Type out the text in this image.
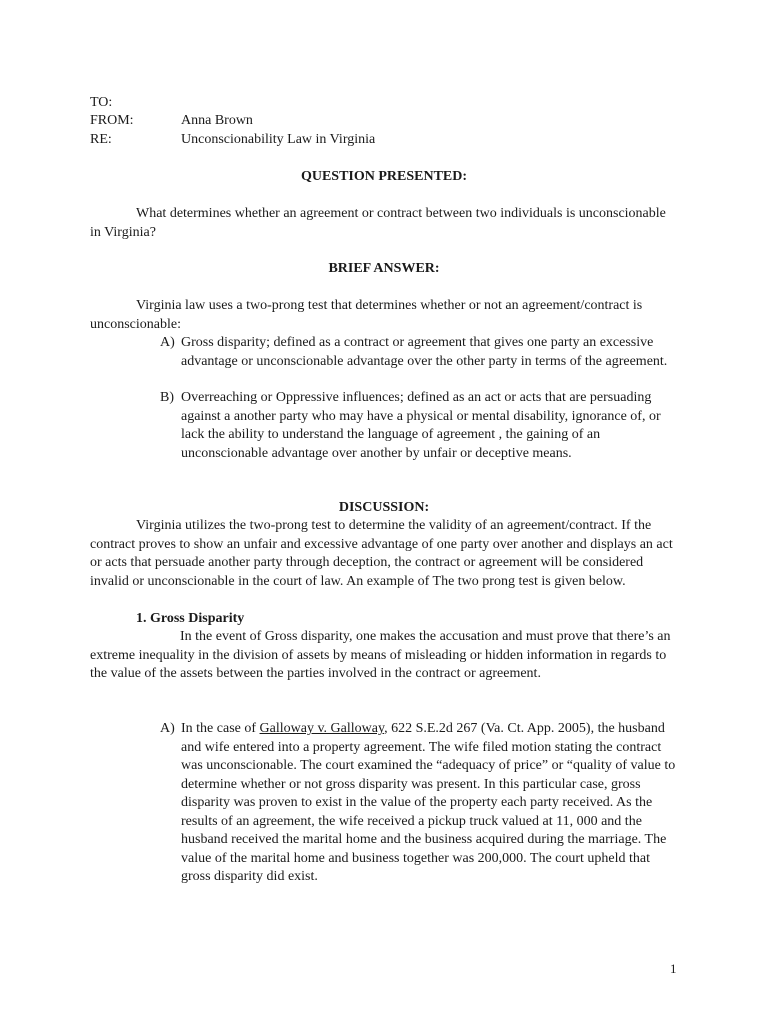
TO:
FROM:	Anna Brown
RE:	Unconscionability Law in Virginia
QUESTION PRESENTED:
What determines whether an agreement or contract between two individuals is unconscionable in Virginia?
BRIEF ANSWER:
Virginia law uses a two-prong test that determines whether or not an agreement/contract is unconscionable:
A) Gross disparity; defined as a contract or agreement that gives one party an excessive advantage or unconscionable advantage over the other party in terms of the agreement.
B) Overreaching or Oppressive influences; defined as an act or acts that are persuading against a another party who may have a physical or mental disability, ignorance of, or lack the ability to understand the language of agreement , the gaining of an unconscionable advantage over another by unfair or deceptive means.
DISCUSSION:
Virginia utilizes the two-prong test to determine the validity of an agreement/contract. If the contract proves to show an unfair and excessive advantage of one party over another and displays an act or acts that persuade another party through deception, the contract or agreement will be considered invalid or unconscionable in the court of law. An example of The two prong test is given below.
1. Gross Disparity
In the event of Gross disparity, one makes the accusation and must prove that there’s an extreme inequality in the division of assets by means of misleading or hidden information in regards to the value of the assets between the parties involved in the contract or agreement.
A) In the case of Galloway v. Galloway, 622 S.E.2d 267 (Va. Ct. App. 2005), the husband and wife entered into a property agreement. The wife filed motion stating the contract was unconscionable. The court examined the “adequacy of price” or “quality of value to determine whether or not gross disparity was present. In this particular case, gross disparity was proven to exist in the value of the property each party received. As the results of an agreement, the wife received a pickup truck valued at 11, 000 and the husband received the marital home and the business acquired during the marriage. The value of the marital home and business together was 200,000. The court upheld that gross disparity did exist.
1
